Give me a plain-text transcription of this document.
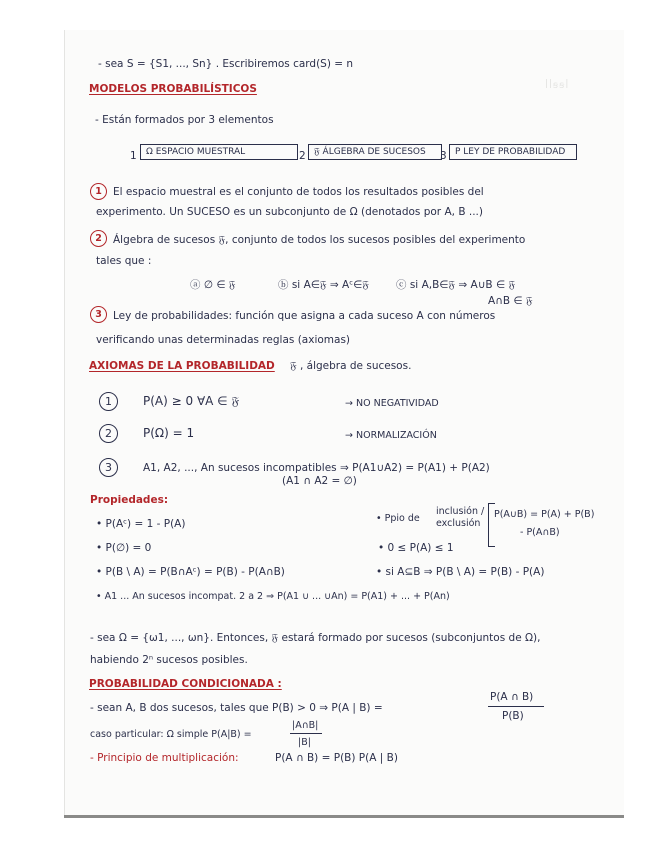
ꟾꟾꞩꞩꟾ
- sea S = {S1, ..., Sn} . Escribiremos card(S) = n
MODELOS PROBABILÍSTICOS
- Están formados por 3 elementos
1	Ω ESPACIO MUESTRAL	2 𝔉 ÁLGEBRA DE SUCESOS	3 P LEY DE PROBABILIDAD
1	El espacio muestral es el conjunto de todos los resultados posibles del
experimento. Un SUCESO es un subconjunto de Ω (denotados por A, B ...)
2	Álgebra de sucesos 𝔉, conjunto de todos los sucesos posibles del experimento
tales que :
ⓐ ∅ ∈ 𝔉	ⓑ si A∈𝔉 ⇒ Aᶜ∈𝔉	ⓒ si A,B∈𝔉 ⇒ A∪B ∈ 𝔉
A∩B ∈ 𝔉
3	Ley de probabilidades: función que asigna a cada suceso A con números
verificando unas determinadas reglas (axiomas)
AXIOMAS DE LA PROBABILIDAD 𝔉 , álgebra de sucesos.
1	P(A) ≥ 0 ∀A ∈ 𝔉	→ NO NEGATIVIDAD
2	P(Ω) = 1	→ NORMALIZACIÓN
3	A1, A2, ..., An sucesos incompatibles ⇒ P(A1∪A2) = P(A1) + P(A2)
(A1 ∩ A2 = ∅)
Propiedades:
• P(Aᶜ) = 1 - P(A)
• P(∅) = 0
• P(B \ A) = P(B∩Aᶜ) = P(B) - P(A∩B)
• A1 ... An sucesos incompat. 2 a 2 ⇒ P(A1 ∪ ... ∪An) = P(A1) + ... + P(An)
• Ppio de
inclusión /
exclusión
P(A∪B) = P(A) + P(B)
- P(A∩B)
• 0 ≤ P(A) ≤ 1
• si A⊆B ⇒ P(B \ A) = P(B) - P(A)
- sea Ω = {ω1, ..., ωn}. Entonces, 𝔉 estará formado por sucesos (subconjuntos de Ω),
habiendo 2ⁿ sucesos posibles.
PROBABILIDAD CONDICIONADA :
- sean A, B dos sucesos, tales que P(B) > 0 ⇒ P(A | B) =
P(A ∩ B)
P(B)
caso particular: Ω simple P(A|B) =
|A∩B|
|B|
- Principio de multiplicación:	P(A ∩ B) = P(B) P(A | B)
